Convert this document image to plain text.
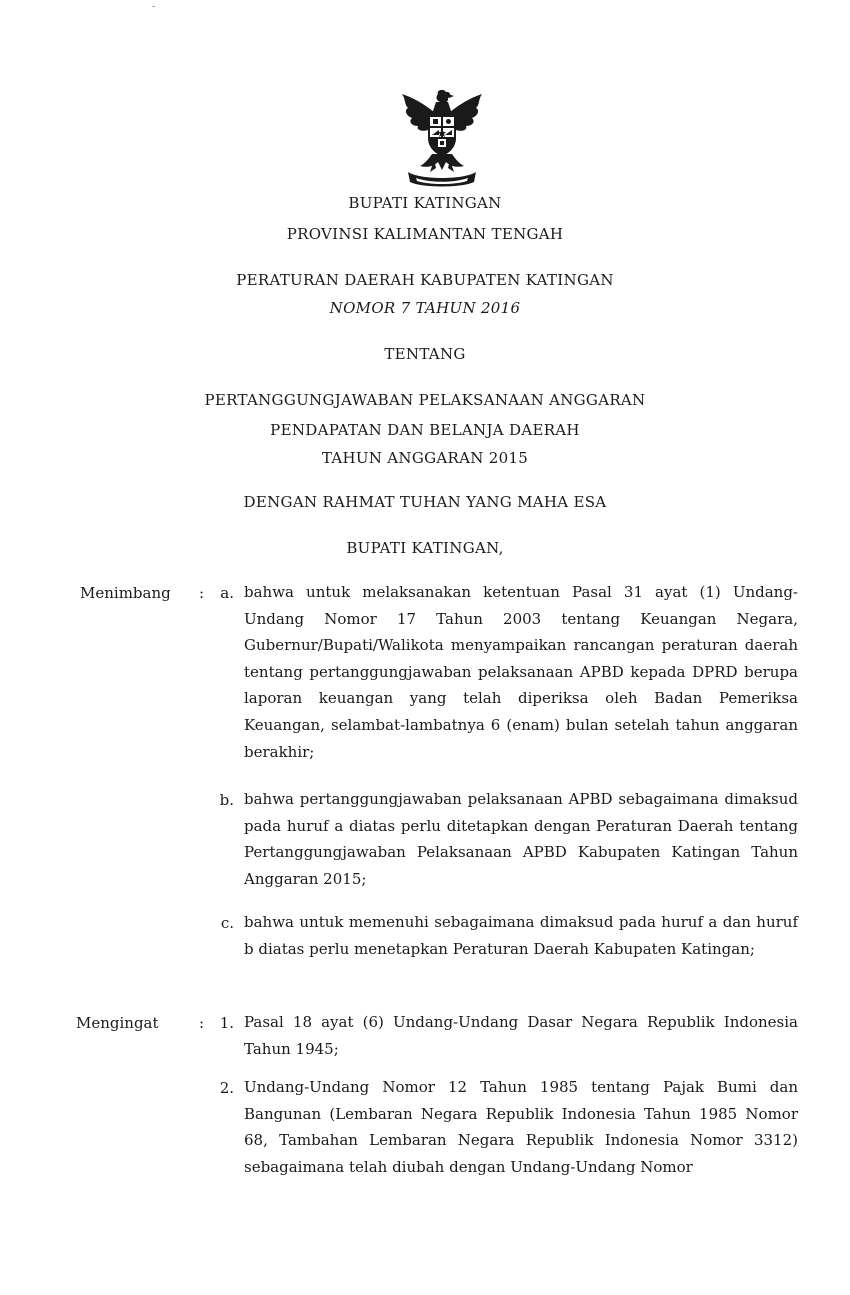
-
BUPATI KATINGAN
PROVINSI KALIMANTAN TENGAH
PERATURAN DAERAH KABUPATEN KATINGAN
NOMOR 7 TAHUN 2016
TENTANG
PERTANGGUNGJAWABAN PELAKSANAAN ANGGARAN
PENDAPATAN DAN BELANJA DAERAH
TAHUN ANGGARAN 2015
DENGAN RAHMAT TUHAN YANG MAHA ESA
BUPATI KATINGAN,
Menimbang :	a. bahwa untuk melaksanakan ketentuan Pasal 31 ayat (1) Undang-Undang Nomor 17 Tahun 2003 tentang Keuangan Negara, Gubernur/Bupati/Walikota menyampaikan rancangan peraturan daerah tentang pertanggungjawaban pelaksanaan APBD kepada DPRD berupa laporan keuangan yang telah diperiksa oleh Badan Pemeriksa Keuangan, selambat-lambatnya 6 (enam) bulan setelah tahun anggaran berakhir;
b. bahwa pertanggungjawaban pelaksanaan APBD sebagaimana dimaksud pada huruf a diatas perlu ditetapkan dengan Peraturan Daerah tentang Pertanggungjawaban Pelaksanaan APBD Kabupaten Katingan Tahun Anggaran 2015;
c. bahwa untuk memenuhi sebagaimana dimaksud pada huruf a dan huruf b diatas perlu menetapkan Peraturan Daerah Kabupaten Katingan;
Mengingat	:	1. Pasal 18 ayat (6) Undang-Undang Dasar Negara Republik Indonesia Tahun 1945;
2. Undang-Undang Nomor 12 Tahun 1985 tentang Pajak Bumi dan Bangunan (Lembaran Negara Republik Indonesia Tahun 1985 Nomor 68, Tambahan Lembaran Negara Republik Indonesia Nomor 3312) sebagaimana telah diubah dengan Undang-Undang Nomor
